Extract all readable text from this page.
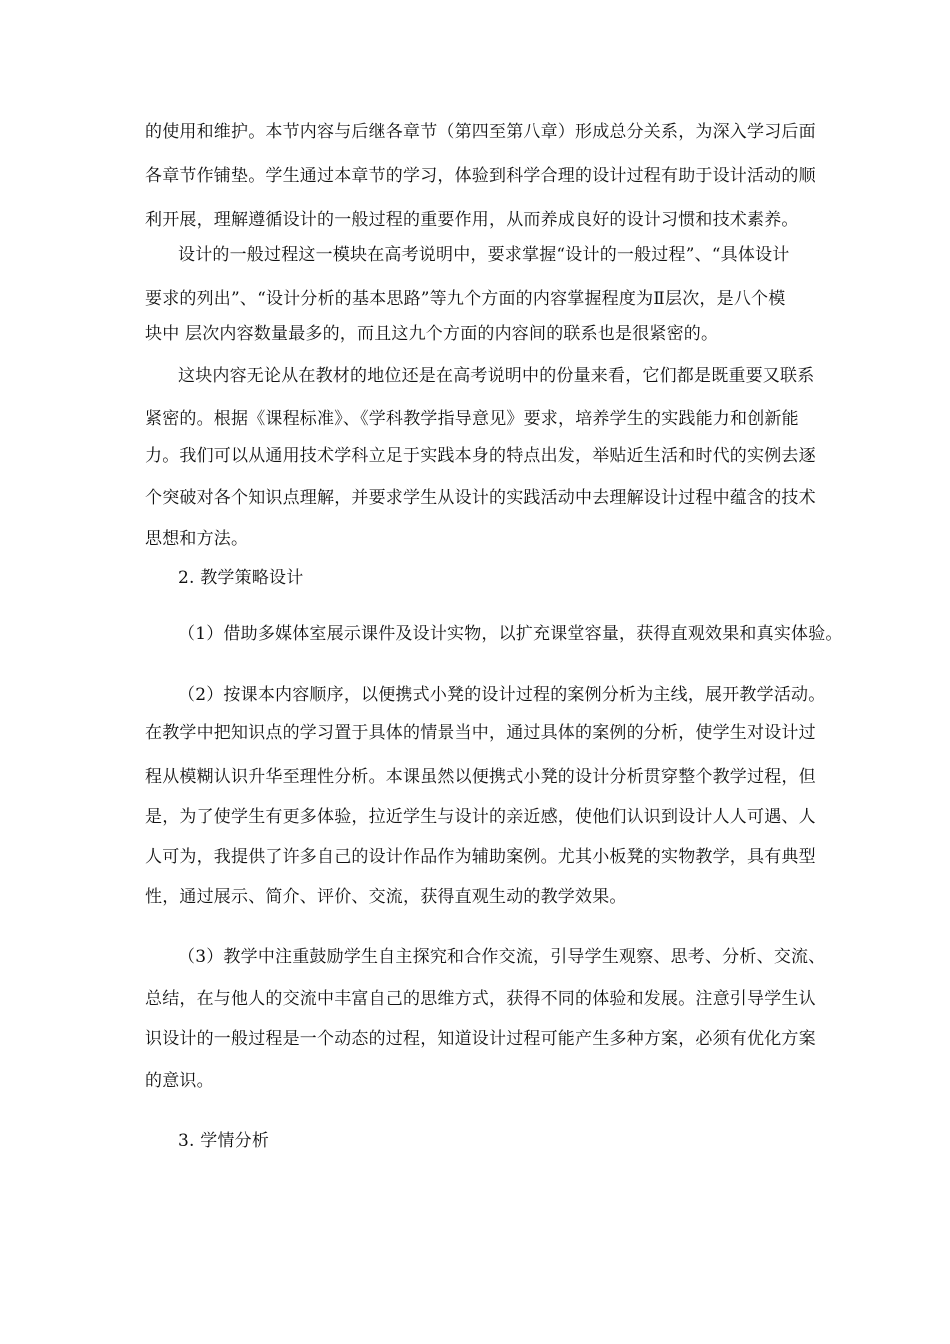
的使用和维护。本节内容与后继各章节（第四至第八章）形成总分关系，为深入学习后面

各章节作铺垫。学生通过本章节的学习，体验到科学合理的设计过程有助于设计活动的顺

利开展，理解遵循设计的一般过程的重要作用，从而养成良好的设计习惯和技术素养。

设计的一般过程这一模块在高考说明中，要求掌握“设计的一般过程”、“具体设计

要求的列出”、“设计分析的基本思路”等九个方面的内容掌握程度为Ⅱ层次，是八个模

块中 层次内容数量最多的，而且这九个方面的内容间的联系也是很紧密的。

这块内容无论从在教材的地位还是在高考说明中的份量来看，它们都是既重要又联系

紧密的。根据《课程标准》、《学科教学指导意见》要求，培养学生的实践能力和创新能

力。我们可以从通用技术学科立足于实践本身的特点出发，举贴近生活和时代的实例去逐

个突破对各个知识点理解，并要求学生从设计的实践活动中去理解设计过程中蕴含的技术

思想和方法。

2. 教学策略设计

（1）借助多媒体室展示课件及设计实物，以扩充课堂容量，获得直观效果和真实体验。

（2）按课本内容顺序，以便携式小凳的设计过程的案例分析为主线，展开教学活动。

在教学中把知识点的学习置于具体的情景当中，通过具体的案例的分析，使学生对设计过

程从模糊认识升华至理性分析。本课虽然以便携式小凳的设计分析贯穿整个教学过程，但

是，为了使学生有更多体验，拉近学生与设计的亲近感，使他们认识到设计人人可遇、人

人可为，我提供了许多自己的设计作品作为辅助案例。尤其小板凳的实物教学，具有典型

性，通过展示、简介、评价、交流，获得直观生动的教学效果。

（3）教学中注重鼓励学生自主探究和合作交流，引导学生观察、思考、分析、交流、

总结，在与他人的交流中丰富自己的思维方式，获得不同的体验和发展。注意引导学生认

识设计的一般过程是一个动态的过程，知道设计过程可能产生多种方案，必须有优化方案

的意识。

3. 学情分析
